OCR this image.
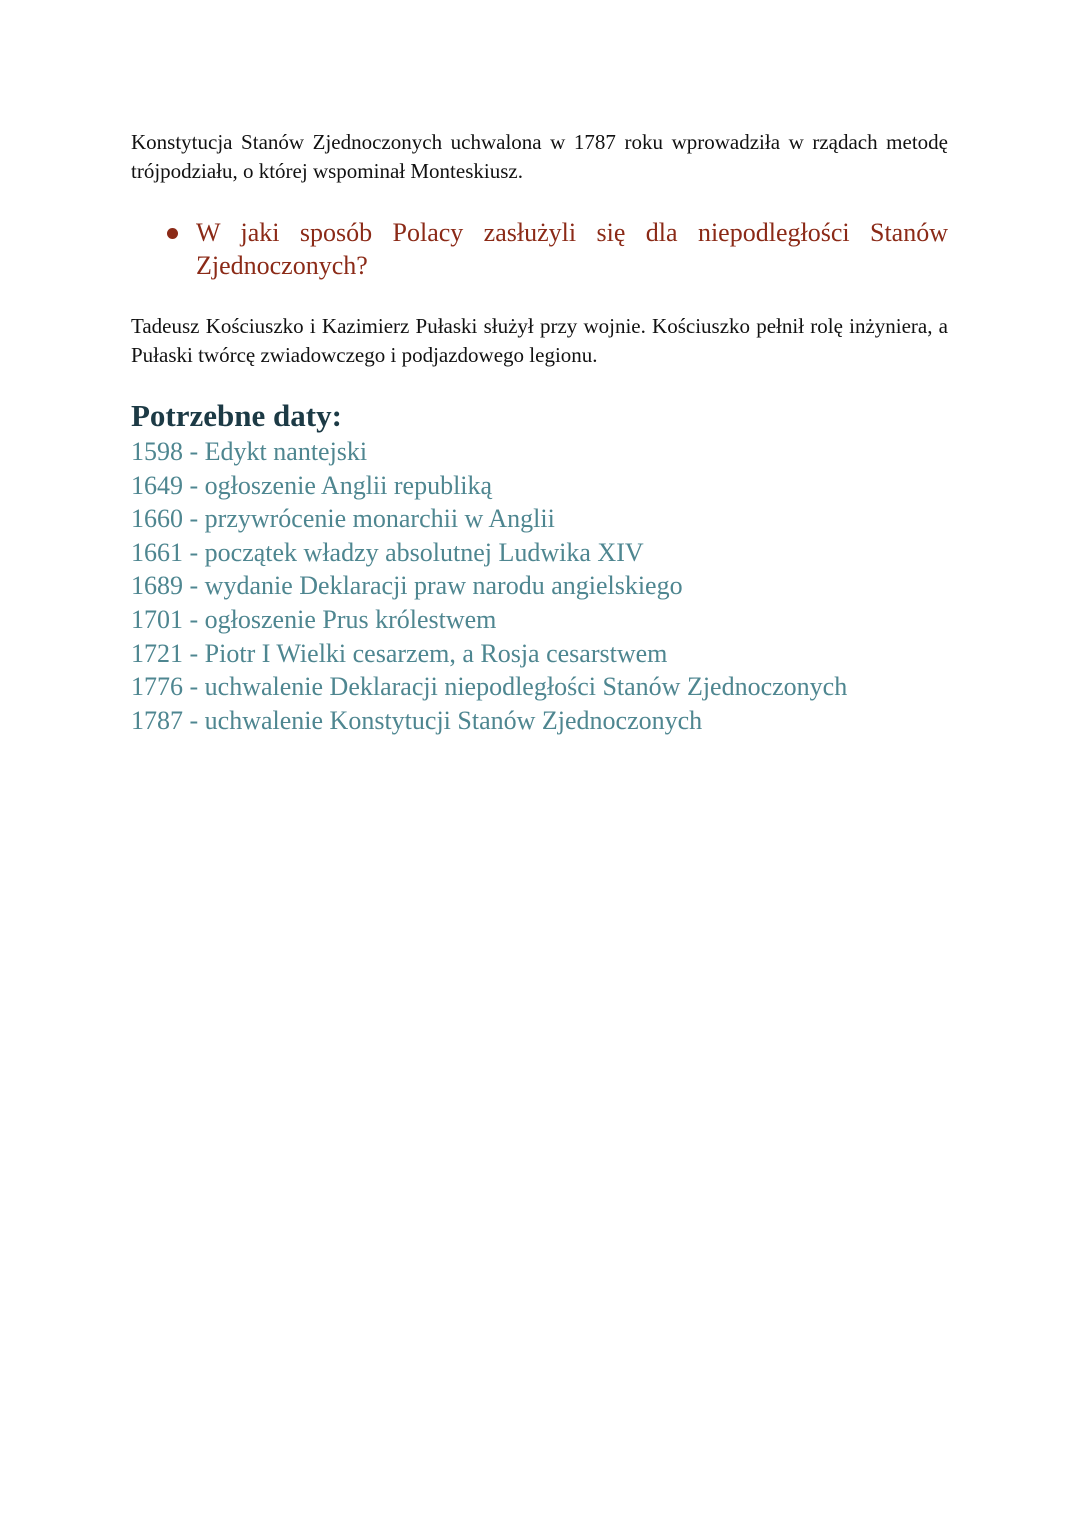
Konstytucja Stanów Zjednoczonych uchwalona w 1787 roku wprowadziła w rządach metodę trójpodziału, o której wspominał Monteskiusz.

W jaki sposób Polacy zasłużyli się dla niepodległości Stanów Zjednoczonych?

Tadeusz Kościuszko i Kazimierz Pułaski służył przy wojnie. Kościuszko pełnił rolę inżyniera, a Pułaski twórcę zwiadowczego i podjazdowego legionu.

Potrzebne daty:
1598 - Edykt nantejski
1649 - ogłoszenie Anglii republiką
1660 - przywrócenie monarchii w Anglii
1661 - początek władzy absolutnej Ludwika XIV
1689 - wydanie Deklaracji praw narodu angielskiego
1701 - ogłoszenie Prus królestwem
1721 - Piotr I Wielki cesarzem, a Rosja cesarstwem
1776 - uchwalenie Deklaracji niepodległości Stanów Zjednoczonych
1787 - uchwalenie Konstytucji Stanów Zjednoczonych
